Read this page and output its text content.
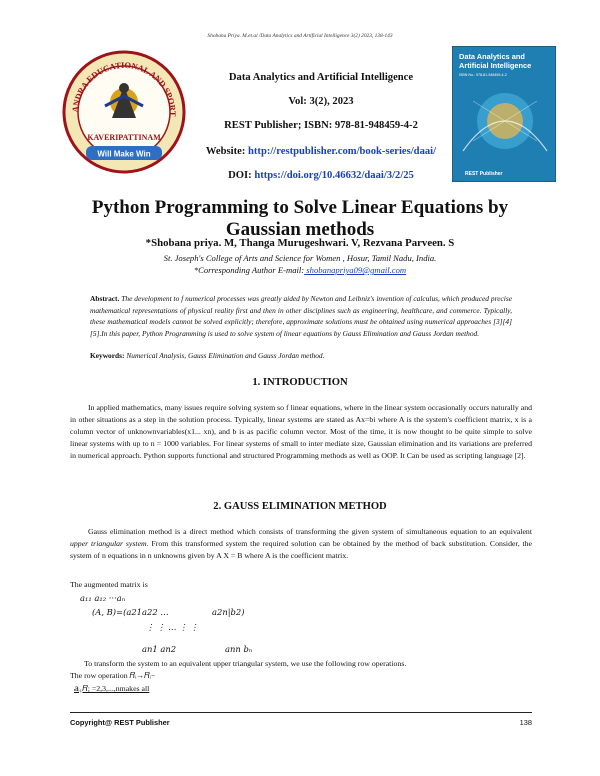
Shobana Priya. M.et.al /Data Analytics and Artificial Intelligence 3(2) 2023, 138-143
ANDRA EDUCATIONAL AND SPORT
KAVERIPATTINAM
Will Make Win
Data Analytics and Artificial Intelligence
Vol: 3(2), 2023
REST Publisher; ISBN: 978-81-948459-4-2
Website: http://restpublisher.com/book-series/daai/
DOI: https://doi.org/10.46632/daai/3/2/25
Data Analytics and Artificial Intelligence
ISBN No.: 978-81-948459-4-2
REST Publisher
Python Programming to Solve Linear Equations by
Gaussian methods
*Shobana priya. M, Thanga Murugeshwari. V, Rezvana Parveen. S
St. Joseph's College of Arts and Science for Women , Hosur, Tamil Nadu, India.
*Corresponding Author E-mail: shobanapriya09@gmail.com
Abstract. The development to f numerical processes was greatly aided by Newton and Leibniz's invention of calculus, which produced precise mathematical representations of physical reality first and then in other disciplines such as engineering, healthcare, and commerce. Typically, these mathematical models cannot be solved explicitly; therefore, approximate solutions must be obtained using numerical approaches [3][4][5].In this paper, Python Programming is used to solve system of linear equations by Gauss Elimination and Gauss Jordan method.
Keywords: Numerical Analysis, Gauss Elimination and Gauss Jordan method.
1. INTRODUCTION

In applied mathematics, many issues require solving system so f linear equations, where in the linear system occasionally occurs naturally and in other situations as a step in the solution process. Typically, linear systems are stated as Ax=bi where A is the system's coefficient matrix, x is a column vector of unknownvariables(x1... xn), and b is as pacific column vector. Most of the time, it is now thought to be quite simple to solve linear systems with up to n = 1000 variables. For linear systems of small to inter mediate size, Gaussian elimination and its variations are preferred in numerical approach. Python supports functional and structured Programming methods as well as OOP. It Can be used as scripting language [2].

2. GAUSS ELIMINATION METHOD

Gauss elimination method is a direct method which consists of transforming the given system of simultaneous equation to an equivalent upper triangular system. From this transformed system the required solution can be obtained by the method of back substitution. Consider, the system of n equations in n unknowns given by A X = B where A is the coefficient matrix.

The augmented matrix is
𝑎₁₁ 𝑎₁₂ ···aₙ
(A, B)=(𝑎21𝑎22 …	𝑎2𝑛|𝑏2)
⋮ ⋮ … ⋮ ⋮
𝑎𝑛1 𝑎𝑛2	𝑎𝑛𝑛 bₙ
To transform the system to an equivalent upper triangular system, we use the following row operations.
The row operation 𝑅ᵢ→𝑅ᵢ−
𝑎ᵢ₁𝑅; =2,3,...,nmakes all
Copyright@ REST Publisher	138
